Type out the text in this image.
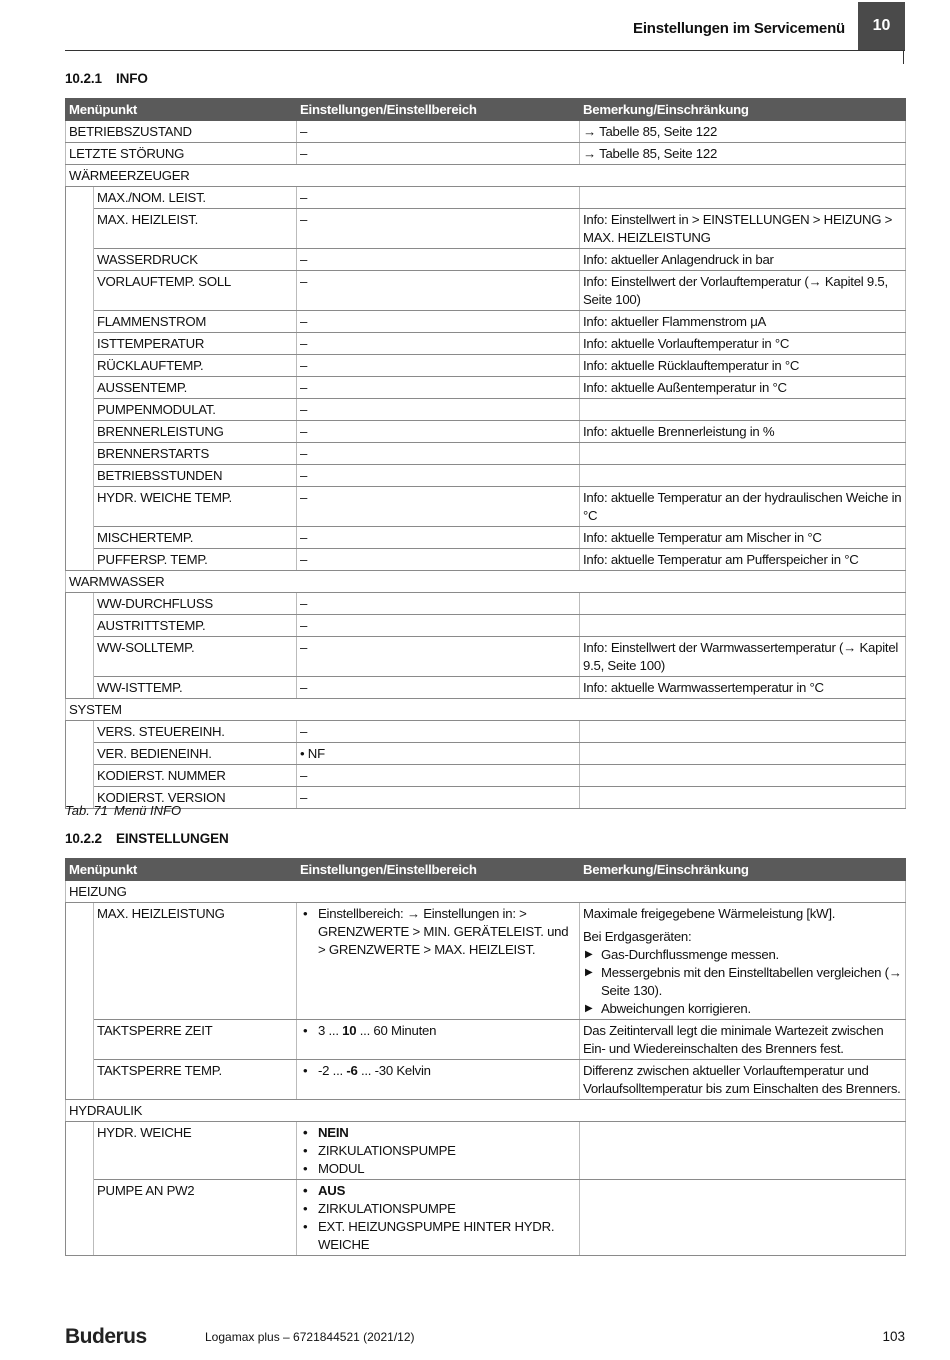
Einstellungen im Servicemenü	10
10.2.1 INFO
Menüpunkt		Einstellungen/Einstellbereich	Bemerkung/Einschränkung
BETRIEBSZUSTAND		–	→ Tabelle 85, Seite 122
LETZTE STÖRUNG		–	→ Tabelle 85, Seite 122
WÄRMEERZEUGER			
	MAX./NOM. LEIST.	–	
	MAX. HEIZLEIST.	–	Info: Einstellwert in > EINSTELLUNGEN > HEIZUNG > MAX. HEIZLEISTUNG
	WASSERDRUCK	–	Info: aktueller Anlagendruck in bar
	VORLAUFTEMP. SOLL	–	Info: Einstellwert der Vorlauftemperatur (→ Kapitel 9.5, Seite 100)
	FLAMMENSTROM	–	Info: aktueller Flammenstrom μA
	ISTTEMPERATUR	–	Info: aktuelle Vorlauftemperatur in °C
	RÜCKLAUFTEMP.	–	Info: aktuelle Rücklauftemperatur in °C
	AUSSENTEMP.	–	Info: aktuelle Außentemperatur in °C
	PUMPENMODULAT.	–	
	BRENNERLEISTUNG	–	Info: aktuelle Brennerleistung in %
	BRENNERSTARTS	–	
	BETRIEBSSTUNDEN	–	
	HYDR. WEICHE TEMP.	–	Info: aktuelle Temperatur an der hydraulischen Weiche in °C
	MISCHERTEMP.	–	Info: aktuelle Temperatur am Mischer in °C
	PUFFERSP. TEMP.	–	Info: aktuelle Temperatur am Pufferspeicher in °C
WARMWASSER			
	WW-DURCHFLUSS	–	
	AUSTRITTSTEMP.	–	
	WW-SOLLTEMP.	–	Info: Einstellwert der Warmwassertemperatur (→ Kapitel 9.5, Seite 100)
	WW-ISTTEMP.	–	Info: aktuelle Warmwassertemperatur in °C
SYSTEM			
	VERS. STEUEREINH.	–	
	VER. BEDIENEINH.	• NF	
	KODIERST. NUMMER	–	
	KODIERST. VERSION	–	
Tab. 71 Menü INFO
10.2.2 EINSTELLUNGEN
Menüpunkt		Einstellungen/Einstellbereich	Bemerkung/Einschränkung
HEIZUNG			
	MAX. HEIZLEISTUNG	• Einstellbereich: → Einstellungen in: > GRENZWERTE > MIN. GERÄTELEIST. und > GRENZWERTE > MAX. HEIZLEIST.	Maximale freigegebene Wärmeleistung [kW].
Bei Erdgasgeräten:
▶ Gas-Durchflussmenge messen.
▶ Messergebnis mit den Einstelltabellen vergleichen (→ Seite 130).
▶ Abweichungen korrigieren.

	TAKTSPERRE ZEIT	• 3 ... 10 ... 60 Minuten	Das Zeitintervall legt die minimale Wartezeit zwischen Ein- und Wiedereinschalten des Brenners fest.
	TAKTSPERRE TEMP.	• -2 ... -6 ... -30 Kelvin	Differenz zwischen aktueller Vorlauftemperatur und Vorlaufsolltemperatur bis zum Einschalten des Brenners.
HYDRAULIK			
	HYDR. WEICHE	• NEIN
• ZIRKULATIONSPUMPE
• MODUL

	PUMPE AN PW2	• AUS
• ZIRKULATIONSPUMPE
• EXT. HEIZUNGSPUMPE HINTER HYDR. WEICHE

Buderus	Logamax plus – 6721844521 (2021/12)	103
